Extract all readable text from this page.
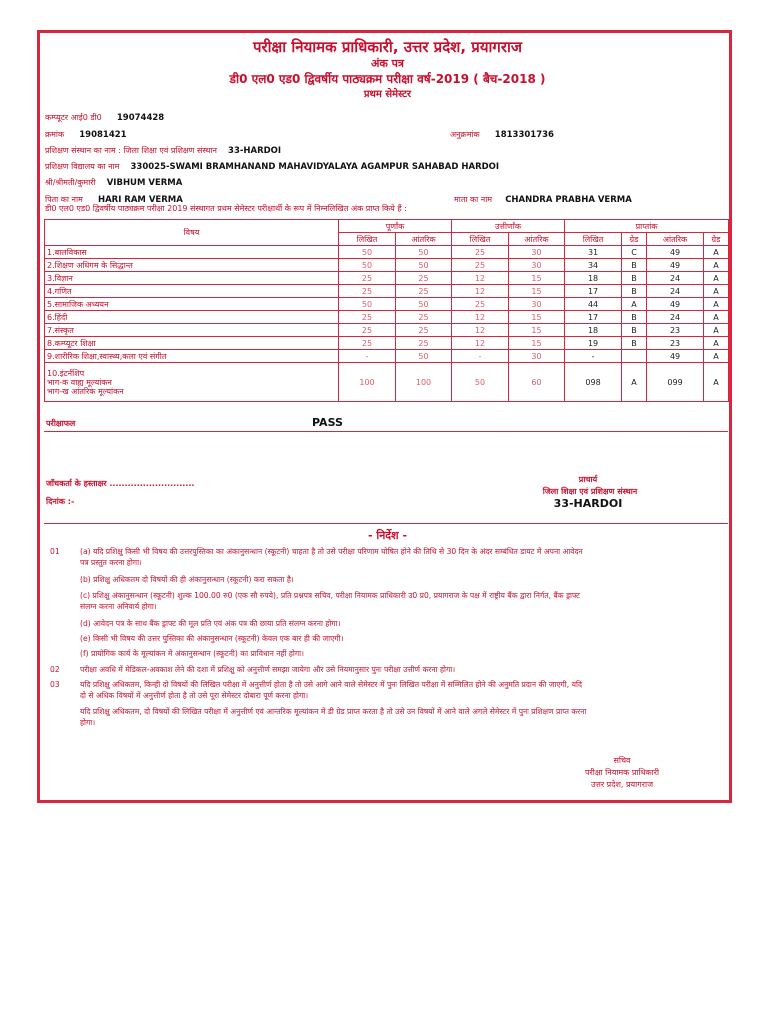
परीक्षा नियामक प्राधिकारी, उत्तर प्रदेश, प्रयागराज
अंक पत्र
डी0 एल0 एड0 द्विवर्षीय पाठ्यक्रम परीक्षा वर्ष-2019 ( बैच-2018 )
प्रथम सेमेस्टर
कम्प्यूटर आई0 डी0 19074428
क्रमांक 19081421	अनुक्रमांक 1813301736
प्रशिक्षण संस्थान का नाम : जिला शिक्षा एवं प्रशिक्षण संस्थान 33-HARDOI
प्रशिक्षण विद्यालय का नाम 330025-SWAMI BRAMHANAND MAHAVIDYALAYA AGAMPUR SAHABAD HARDOI
श्री/श्रीमती/कुमारी VIBHUM VERMA
पिता का नाम HARI RAM VERMA	माता का नाम CHANDRA PRABHA VERMA
डी0 एल0 एड0 द्विवर्षीय पाठ्यक्रम परीक्षा 2019 संस्थागत प्रथम सेमेस्टर परीक्षार्थी के रूप में निम्नलिखित अंक प्राप्त किये हैं :
विषय	पूर्णांक		उत्तीर्णांक		प्राप्तांक			
	लिखित	आंतरिक	लिखित	आंतरिक	लिखित	ग्रेड	आंतरिक	ग्रेड
1.बालविकास	50	50	25	30	31	C	49	A
2.शिक्षण अधिगम के सिद्धान्त	50	50	25	30	34	B	49	A
3.विज्ञान	25	25	12	15	18	B	24	A
4.गणित	25	25	12	15	17	B	24	A
5.सामाजिक अध्ययन	50	50	25	30	44	A	49	A
6.हिंदी	25	25	12	15	17	B	24	A
7.संस्कृत	25	25	12	15	18	B	23	A
8.कम्प्यूटर शिक्षा	25	25	12	15	19	B	23	A
9.शारीरिक शिक्षा,स्वास्थ्य,कला एवं संगीत	-	50	-	30	-		49	A
10.इंटर्नशिप
भाग-क वाह्य मूल्यांकन
भाग-ख आंतरिक मूल्यांकन	100	100	50	60	098	A	099	A
परीक्षाफल	PASS
जाँचकर्ता के हस्ताक्षर ............................
दिनांक :-
प्राचार्य
जिला शिक्षा एवं प्रशिक्षण संस्थान
33-HARDOI
- निर्देश -
01	(a) यदि प्रशिक्षु किसी भी विषय की उत्तरपुस्तिका का अंकानुसन्धान (स्कूटनी) चाहता है तो उसे परीक्षा परिणाम घोषित होने की तिथि से 30 दिन के अंदर सम्बंधित डायट में अपना आवेदन
पत्र प्रस्तुत करना होगा।
(b) प्रशिक्षु अधिकतम दो विषयों की ही अंकानुसन्धान (स्कूटनी) करा सकता है।
(c) प्रशिक्षु अंकानुसन्धान (स्कूटनी) शुल्क 100.00 रु0 (एक सौ रुपये), प्रति प्रश्नपत्र सचिव, परीक्षा नियामक प्राधिकारी उ0 प्र0, प्रयागराज के पक्ष में राष्ट्रीय बैंक द्वारा निर्गत, बैंक ड्राफ्ट
संलग्न करना अनिवार्य होगा।
(d) आवेदन पत्र के साथ बैंक ड्राफ्ट की मूल प्रति एवं अंक पत्र की छाया प्रति संलग्न करना होगा।
(e) किसी भी विषय की उत्तर पुस्तिका की अंकानुसन्धान (स्कूटनी) केवल एक बार ही की जाएगी।
(f) प्रायोगिक कार्य के मूल्यांकन में अंकानुसन्धान (स्कूटनी) का प्राविधान नहीं होगा।
02	परीक्षा अवधि में मेडिकल-अवकाश लेने की दशा में प्रशिक्षु को अनुत्तीर्ण समझा जायेगा और उसे नियमानुसार पुनः परीक्षा उत्तीर्ण करना होगा।
03	यदि प्रशिक्षु अधिकतम, किन्ही दो विषयों की लिखित परीक्षा में अनुत्तीर्ण होता है तो उसे आगे आने वाले सेमेस्टर में पुनः लिखित परीक्षा में सम्मिलित होने की अनुमति प्रदान की जाएगी, यदि
दो से अधिक विषयों में अनुत्तीर्ण होता है तो उसे पूरा सेमेस्टर दोबारा पूर्ण करना होगा।
यदि प्रशिक्षु अधिकतम, दो विषयों की लिखित परीक्षा में अनुत्तीर्ण एवं आन्तरिक मूल्यांकन में डी ग्रेड प्राप्त करता है तो उसे उन विषयों में आने वाले अगले सेमेस्टर में पुनः प्रशिक्षण प्राप्त करना
होगा।
सचिव
परीक्षा नियामक प्राधिकारी
उत्तर प्रदेश, प्रयागराज
